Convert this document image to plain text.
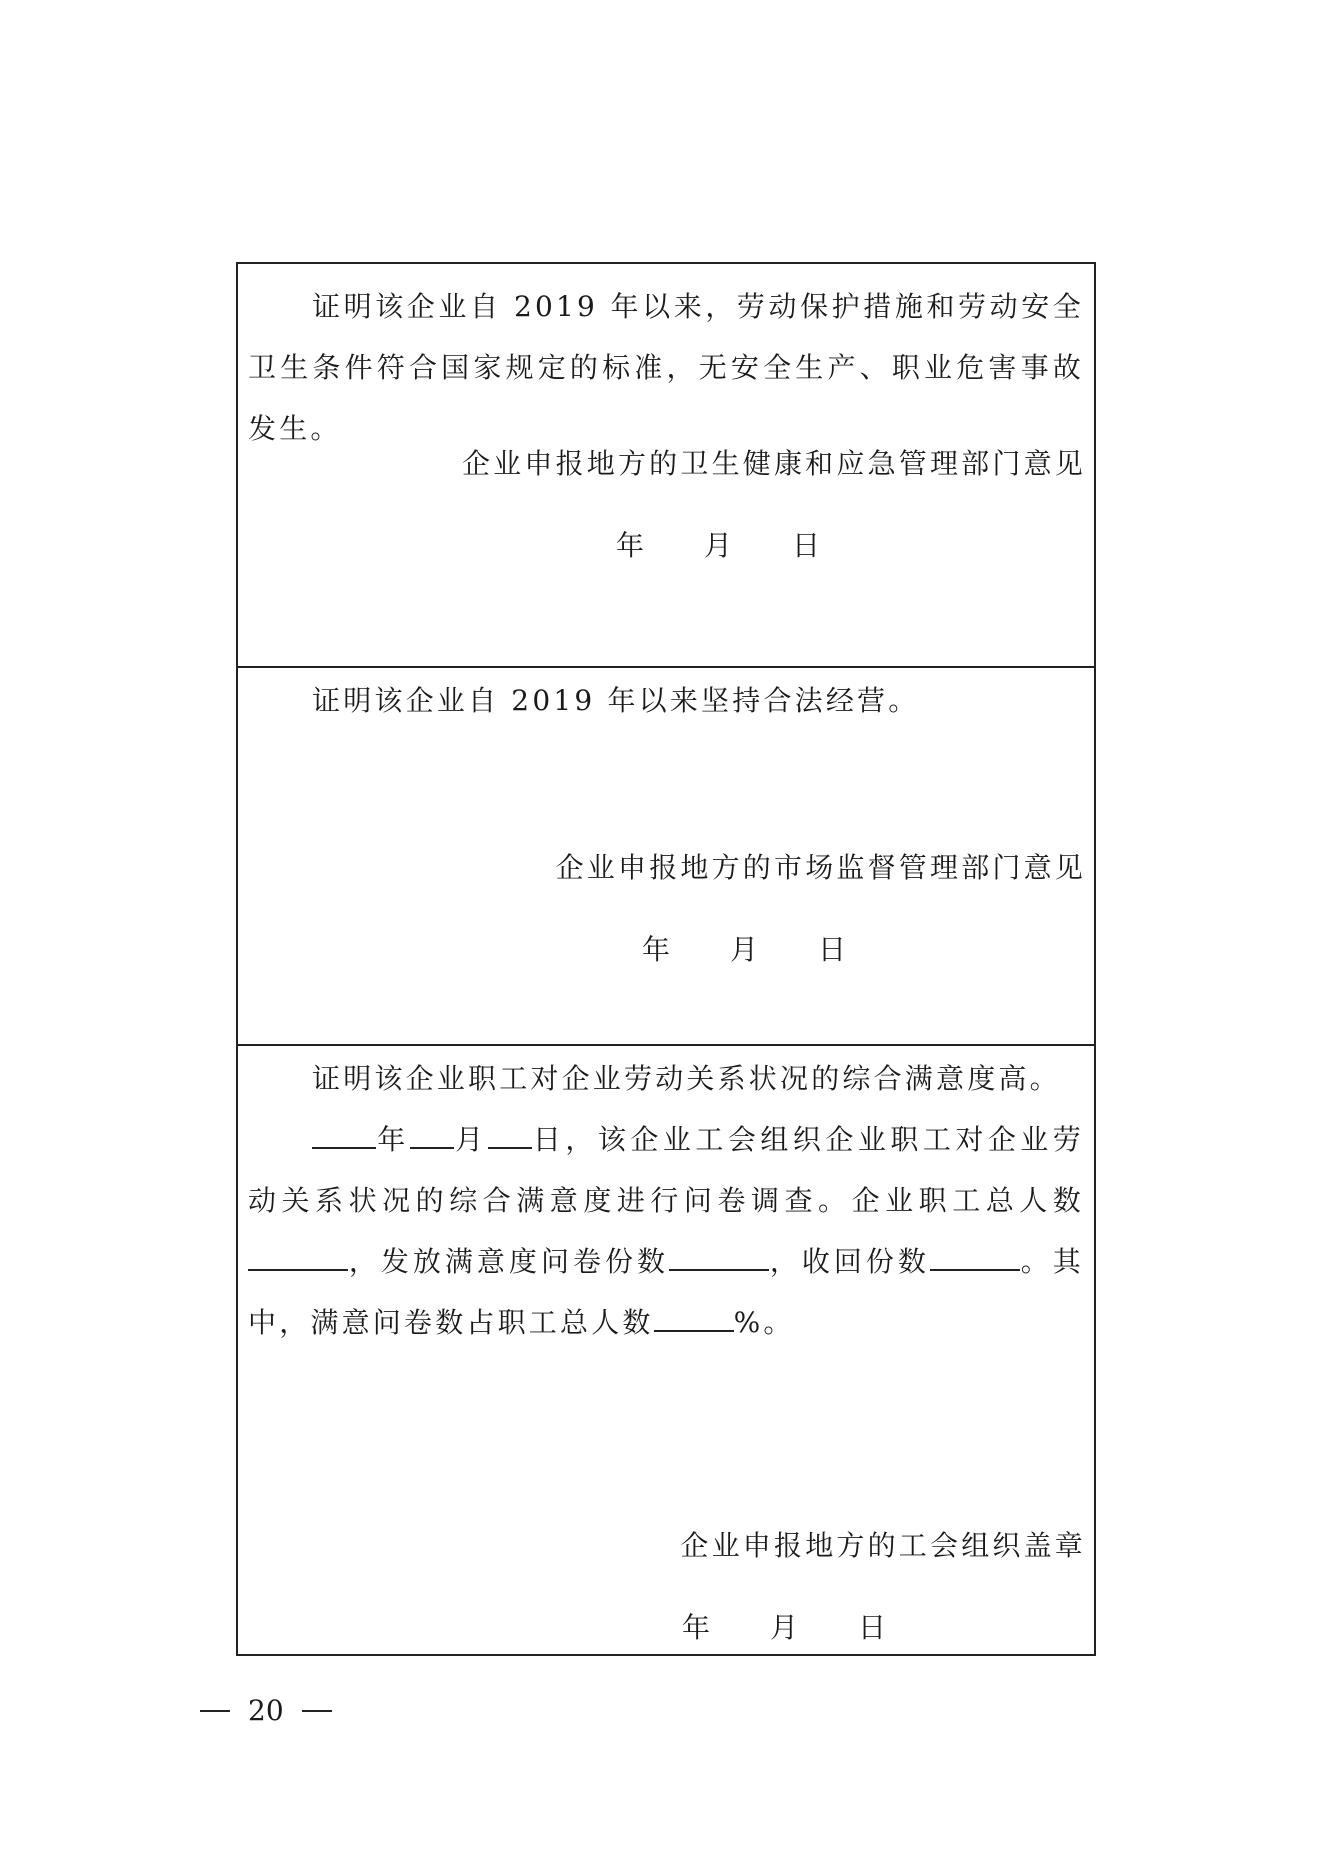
证明该企业自 2019 年以来，劳动保护措施和劳动安全卫生条件符合国家规定的标准，无安全生产、职业危害事故发生。

企业申报地方的卫生健康和应急管理部门意见
年 月 日

证明该企业自 2019 年以来坚持合法经营。

企业申报地方的市场监督管理部门意见
年 月 日

证明该企业职工对企业劳动关系状况的综合满意度高。

年 月 日，该企业工会组织企业职工对企业劳动关系状况的综合满意度进行问卷调查。企业职工总人数，发放满意度问卷份数	，收回份数	。其中，满意问卷数占职工总人数	%。

企业申报地方的工会组织盖章
年 月 日
20
